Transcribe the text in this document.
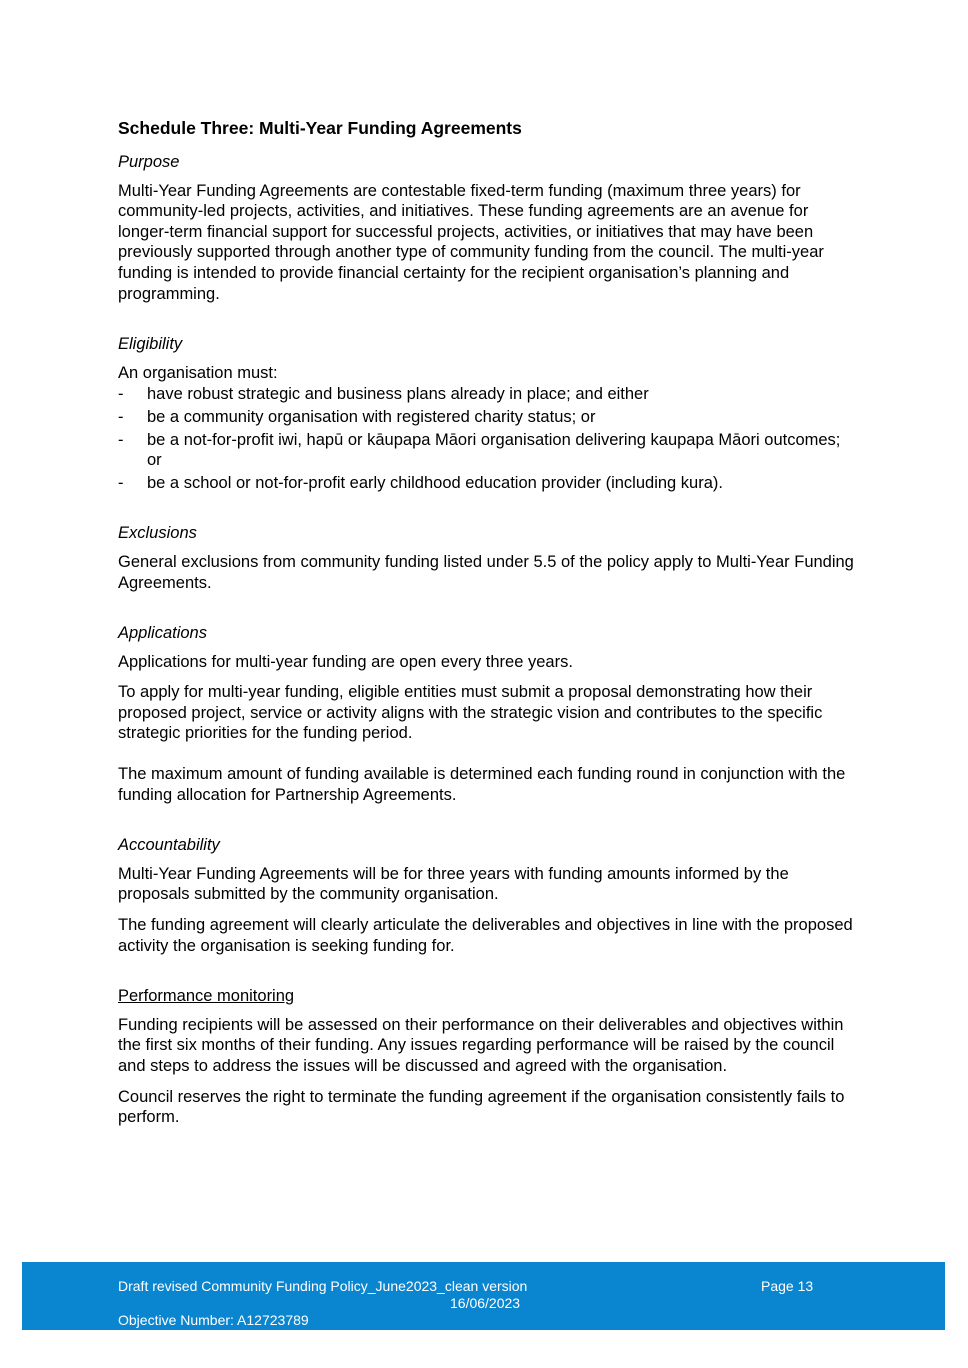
Schedule Three: Multi-Year Funding Agreements
Purpose

Multi-Year Funding Agreements are contestable fixed-term funding (maximum three years) for community-led projects, activities, and initiatives. These funding agreements are an avenue for longer-term financial support for successful projects, activities, or initiatives that may have been previously supported through another type of community funding from the council. The multi-year funding is intended to provide financial certainty for the recipient organisation’s planning and programming.

Eligibility
An organisation must:
- have robust strategic and business plans already in place; and either
- be a community organisation with registered charity status; or
- be a not-for-profit iwi, hapū or kāupapa Māori organisation delivering kaupapa Māori outcomes; or
- be a school or not-for-profit early childhood education provider (including kura).
Exclusions

General exclusions from community funding listed under 5.5 of the policy apply to Multi-Year Funding Agreements.

Applications

Applications for multi-year funding are open every three years.

To apply for multi-year funding, eligible entities must submit a proposal demonstrating how their proposed project, service or activity aligns with the strategic vision and contributes to the specific strategic priorities for the funding period.

The maximum amount of funding available is determined each funding round in conjunction with the funding allocation for Partnership Agreements.

Accountability

Multi-Year Funding Agreements will be for three years with funding amounts informed by the proposals submitted by the community organisation.

The funding agreement will clearly articulate the deliverables and objectives in line with the proposed activity the organisation is seeking funding for.

Performance monitoring

Funding recipients will be assessed on their performance on their deliverables and objectives within the first six months of their funding. Any issues regarding performance will be raised by the council and steps to address the issues will be discussed and agreed with the organisation.

Council reserves the right to terminate the funding agreement if the organisation consistently fails to perform.

Draft revised Community Funding Policy_June2023_clean version	Page 13
16/06/2023
Objective Number: A12723789
